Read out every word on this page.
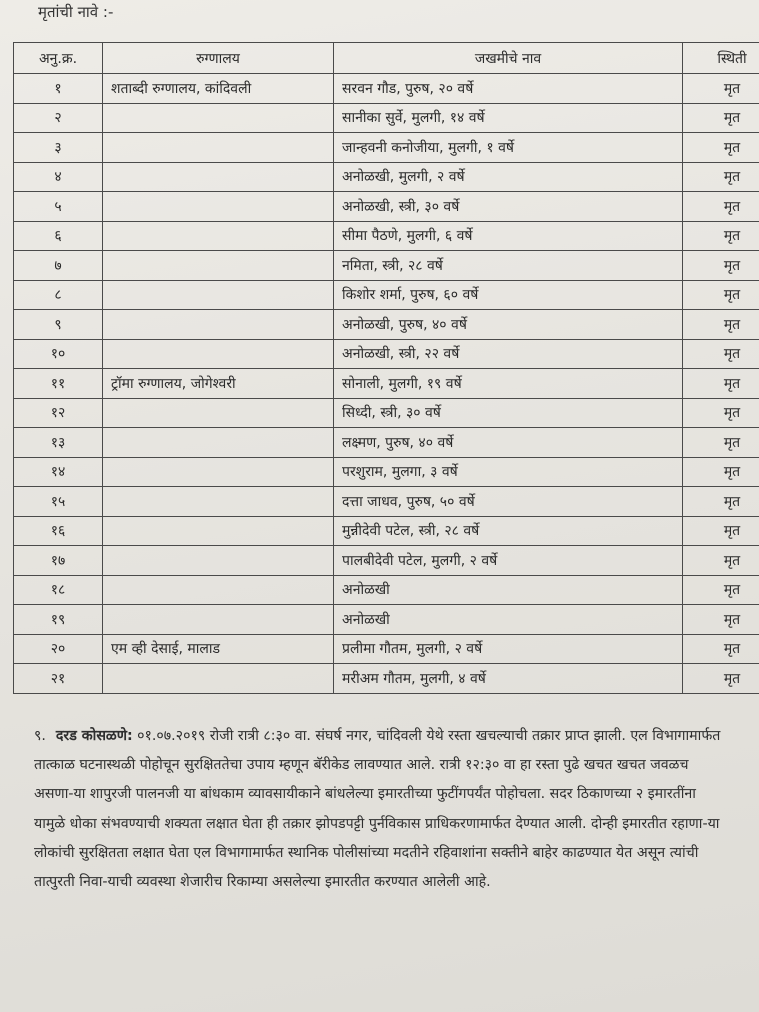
मृतांची नावे :-
अनु.क्र.	रुग्णालय	जखमीचे नाव	स्थिती
१	शताब्दी रुग्णालय, कांदिवली	सरवन गौड, पुरुष, २० वर्षे	मृत
२		सानीका सुर्वे, मुलगी, १४ वर्षे	मृत
३		जान्हवनी कनोजीया, मुलगी, १ वर्षे	मृत
४		अनोळखी, मुलगी, २ वर्षे	मृत
५		अनोळखी, स्त्री, ३० वर्षे	मृत
६		सीमा पैठणे, मुलगी, ६ वर्षे	मृत
७		नमिता, स्त्री, २८ वर्षे	मृत
८		किशोर शर्मा, पुरुष, ६० वर्षे	मृत
९		अनोळखी, पुरुष, ४० वर्षे	मृत
१०		अनोळखी, स्त्री, २२ वर्षे	मृत
११	ट्रॉमा रुग्णालय, जोगेश्वरी	सोनाली, मुलगी, १९ वर्षे	मृत
१२		सिध्दी, स्त्री, ३० वर्षे	मृत
१३		लक्ष्मण, पुरुष, ४० वर्षे	मृत
१४		परशुराम, मुलगा, ३ वर्षे	मृत
१५		दत्ता जाधव, पुरुष, ५० वर्षे	मृत
१६		मुन्नीदेवी पटेल, स्त्री, २८ वर्षे	मृत
१७		पालबीदेवी पटेल, मुलगी, २ वर्षे	मृत
१८		अनोळखी	मृत
१९		अनोळखी	मृत
२०	एम व्ही देसाई, मालाड	प्रलीमा गौतम, मुलगी, २ वर्षे	मृत
२१		मरीअम गौतम, मुलगी, ४ वर्षे	मृत
९. दरड कोसळणे: ०१.०७.२०१९ रोजी रात्री ८:३० वा. संघर्ष नगर, चांदिवली येथे रस्ता खचल्याची तक्रार प्राप्त झाली. एल विभागामार्फत तात्काळ घटनास्थळी पोहोचून सुरक्षिततेचा उपाय म्हणून बॅरीकेड लावण्यात आले. रात्री १२:३० वा हा रस्ता पुढे खचत खचत जवळच असणा-या शापुरजी पालनजी या बांधकाम व्यावसायीकाने बांधलेल्या इमारतीच्या फुटींगपर्यंत पोहोचला. सदर ठिकाणच्या २ इमारतींना यामुळे धोका संभवण्याची शक्यता लक्षात घेता ही तक्रार झोपडपट्टी पुर्नविकास प्राधिकरणामार्फत देण्यात आली. दोन्ही इमारतीत रहाणा-या लोकांची सुरक्षितता लक्षात घेता एल विभागामार्फत स्थानिक पोलीसांच्या मदतीने रहिवाशांना सक्तीने बाहेर काढण्यात येत असून त्यांची तात्पुरती निवा-याची व्यवस्था शेजारीच रिकाम्या असलेल्या इमारतीत करण्यात आलेली आहे.
